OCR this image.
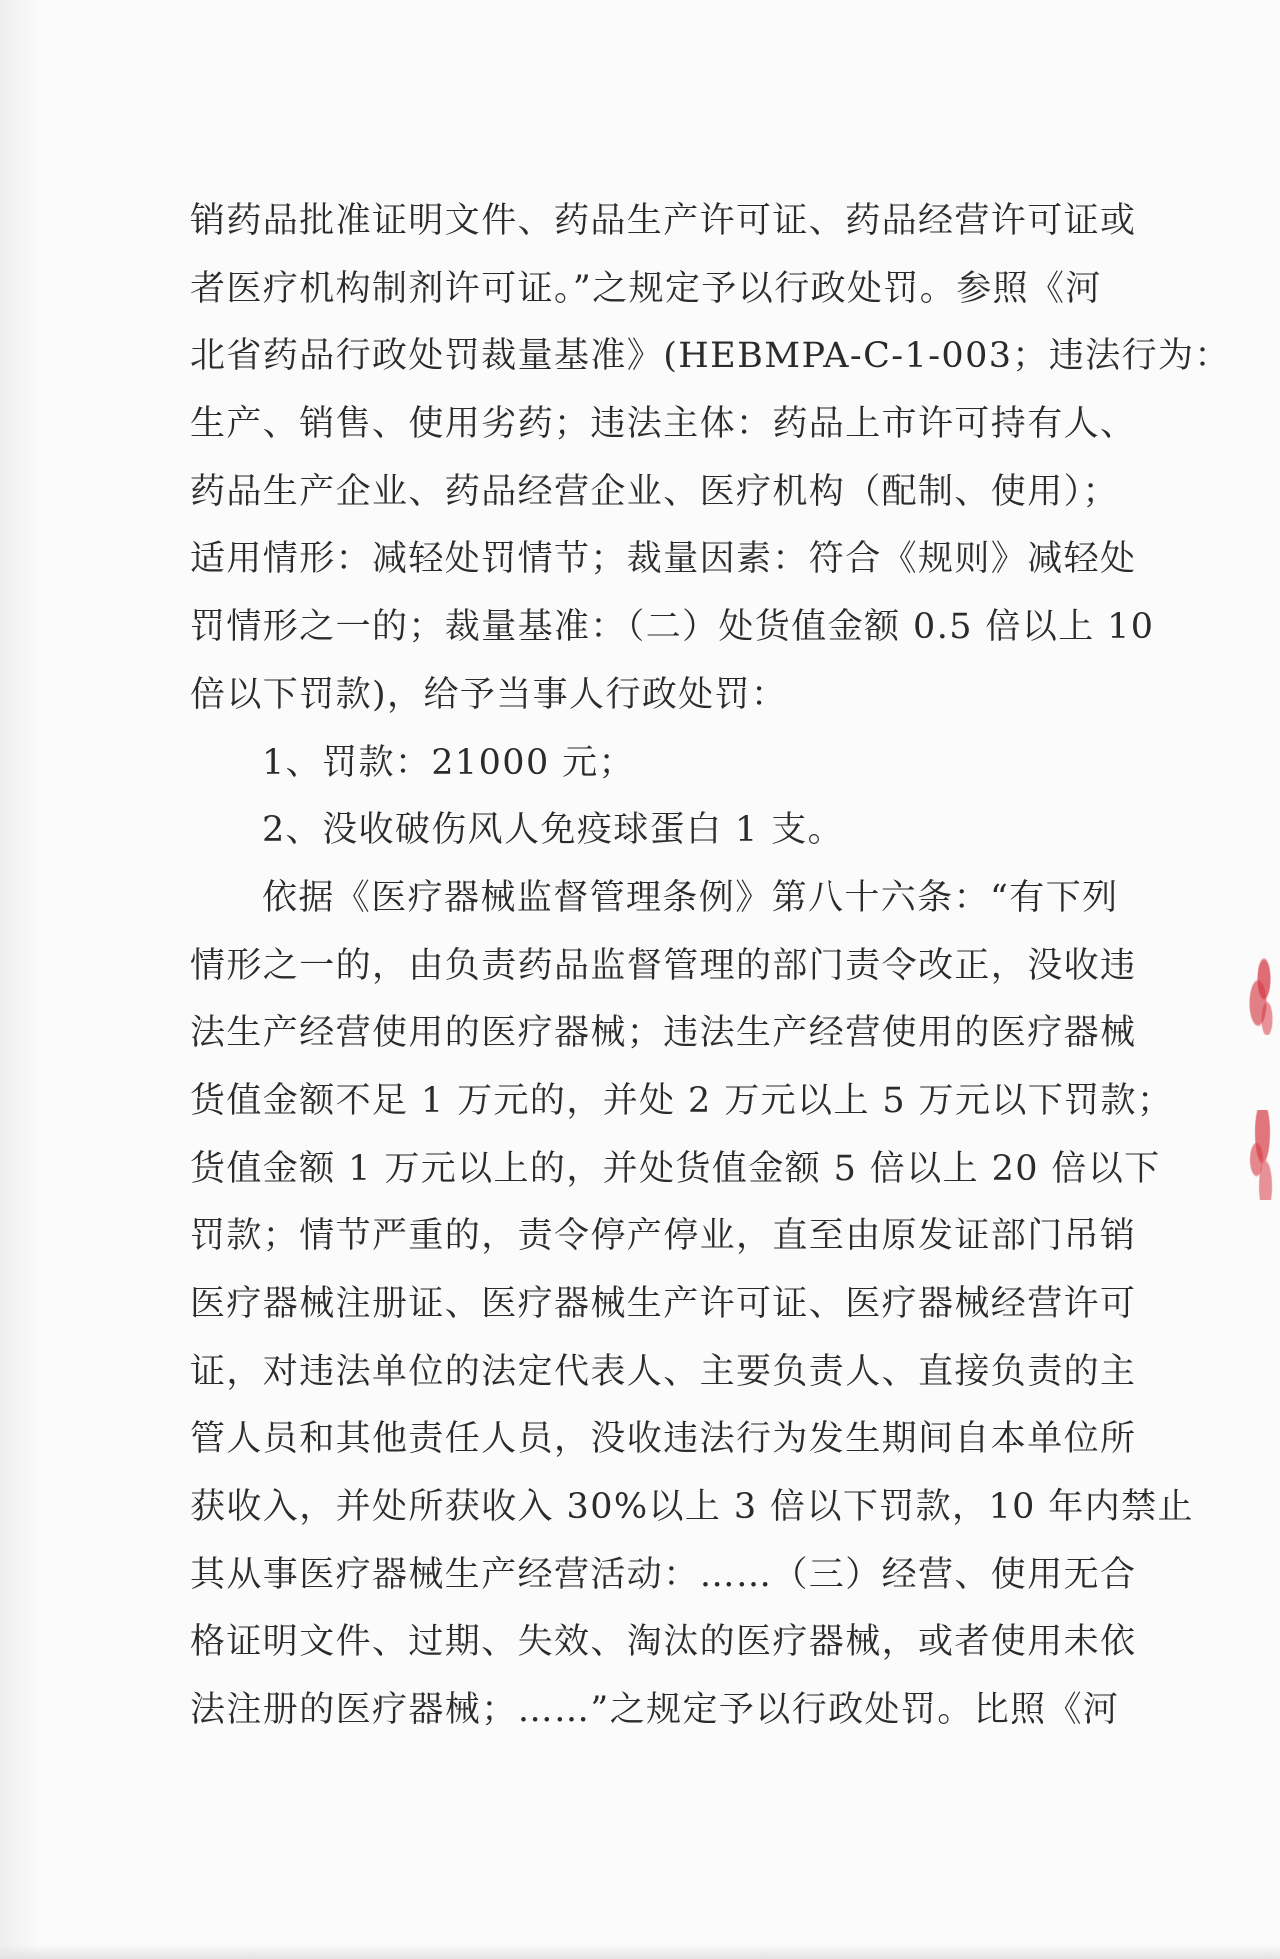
销药品批准证明文件、药品生产许可证、药品经营许可证或
者医疗机构制剂许可证。”之规定予以行政处罚。参照《河
北省药品行政处罚裁量基准》(HEBMPA-C-1-003；违法行为：
生产、销售、使用劣药；违法主体：药品上市许可持有人、
药品生产企业、药品经营企业、医疗机构（配制、使用）；
适用情形：减轻处罚情节；裁量因素：符合《规则》减轻处
罚情形之一的；裁量基准：（二）处货值金额 0.5 倍以上 10
倍以下罚款)，给予当事人行政处罚：
1、罚款：21000 元；
2、没收破伤风人免疫球蛋白 1 支。
依据《医疗器械监督管理条例》第八十六条：“有下列
情形之一的，由负责药品监督管理的部门责令改正，没收违
法生产经营使用的医疗器械；违法生产经营使用的医疗器械
货值金额不足 1 万元的，并处 2 万元以上 5 万元以下罚款；
货值金额 1 万元以上的，并处货值金额 5 倍以上 20 倍以下
罚款；情节严重的，责令停产停业，直至由原发证部门吊销
医疗器械注册证、医疗器械生产许可证、医疗器械经营许可
证，对违法单位的法定代表人、主要负责人、直接负责的主
管人员和其他责任人员，没收违法行为发生期间自本单位所
获收入，并处所获收入 30%以上 3 倍以下罚款，10 年内禁止
其从事医疗器械生产经营活动：……（三）经营、使用无合
格证明文件、过期、失效、淘汰的医疗器械，或者使用未依
法注册的医疗器械；……”之规定予以行政处罚。比照《河
